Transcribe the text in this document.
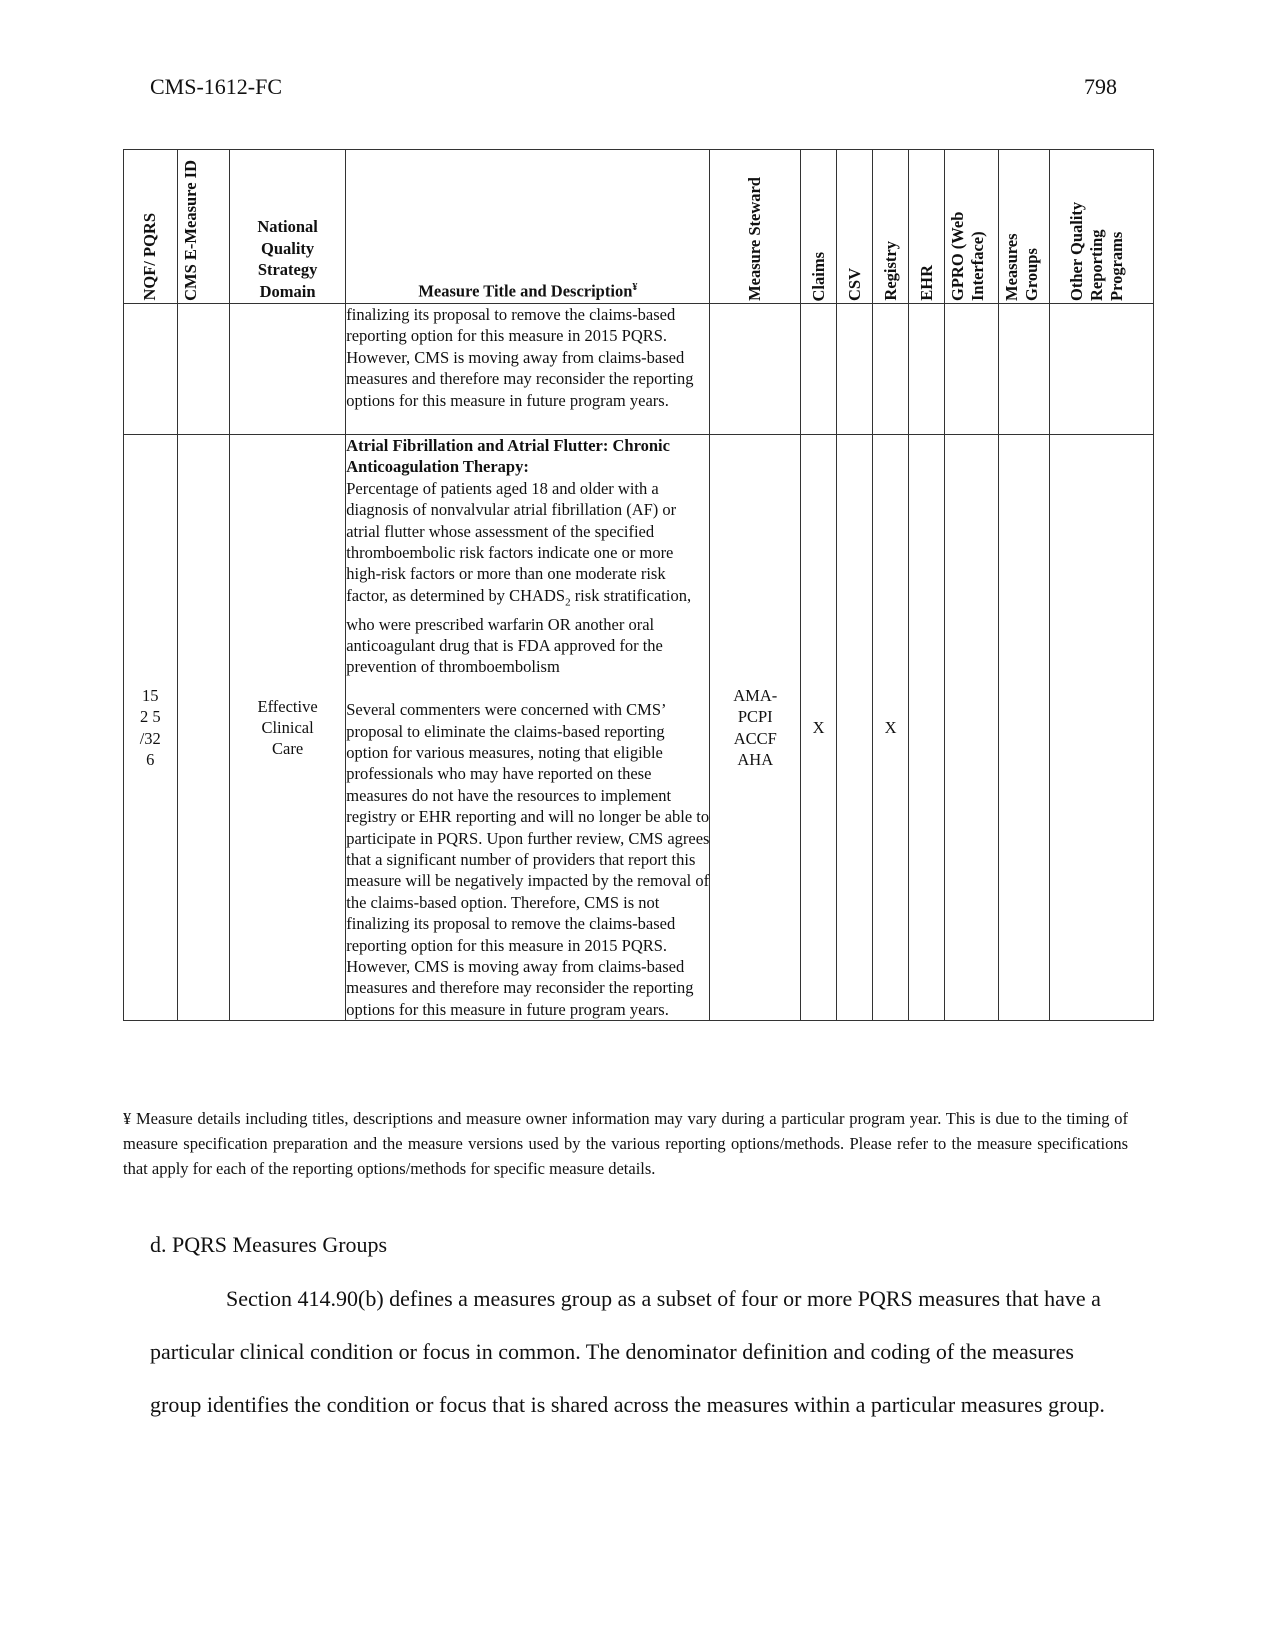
CMS-1612-FC	798
NQF/ PQRS	CMS E-Measure ID	National Quality Strategy Domain	Measure Title and Description¥	Measure Steward	Claims	CSV	Registry	EHR	GPRO (Web Interface)	Measures Groups	Other Quality Reporting Programs

			finalizing its proposal to remove the claims-based reporting option for this measure in 2015 PQRS. However, CMS is moving away from claims-based measures and therefore may reconsider the reporting options for this measure in future program years.								

152 5 /32 6		Effective Clinical Care	Atrial Fibrillation and Atrial Flutter: Chronic Anticoagulation Therapy:
Percentage of patients aged 18 and older with a diagnosis of nonvalvular atrial fibrillation (AF) or atrial flutter whose assessment of the specified thromboembolic risk factors indicate one or more high-risk factors or more than one moderate risk factor, as determined by $CHADS_2$ risk stratification, who were prescribed warfarin OR another oral anticoagulant drug that is FDA approved for the prevention of thromboembolism
Several commenters were concerned with CMS’ proposal to eliminate the claims-based reporting option for various measures, noting that eligible professionals who may have reported on these measures do not have the resources to implement registry or EHR reporting and will no longer be able to participate in PQRS. Upon further review, CMS agrees that a significant number of providers that report this measure will be negatively impacted by the removal of the claims-based option. Therefore, CMS is not finalizing its proposal to remove the claims-based reporting option for this measure in 2015 PQRS. However, CMS is moving away from claims-based measures and therefore may reconsider the reporting options for this measure in future program years.	AMA-PCPI ACCF AHA	X		X				
¥ Measure details including titles, descriptions and measure owner information may vary during a particular program year. This is due to the timing of measure specification preparation and the measure versions used by the various reporting options/methods. Please refer to the measure specifications that apply for each of the reporting options/methods for specific measure details.
d. PQRS Measures Groups

Section 414.90(b) defines a measures group as a subset of four or more PQRS measures that have a particular clinical condition or focus in common. The denominator definition and coding of the measures group identifies the condition or focus that is shared across the measures within a particular measures group.
